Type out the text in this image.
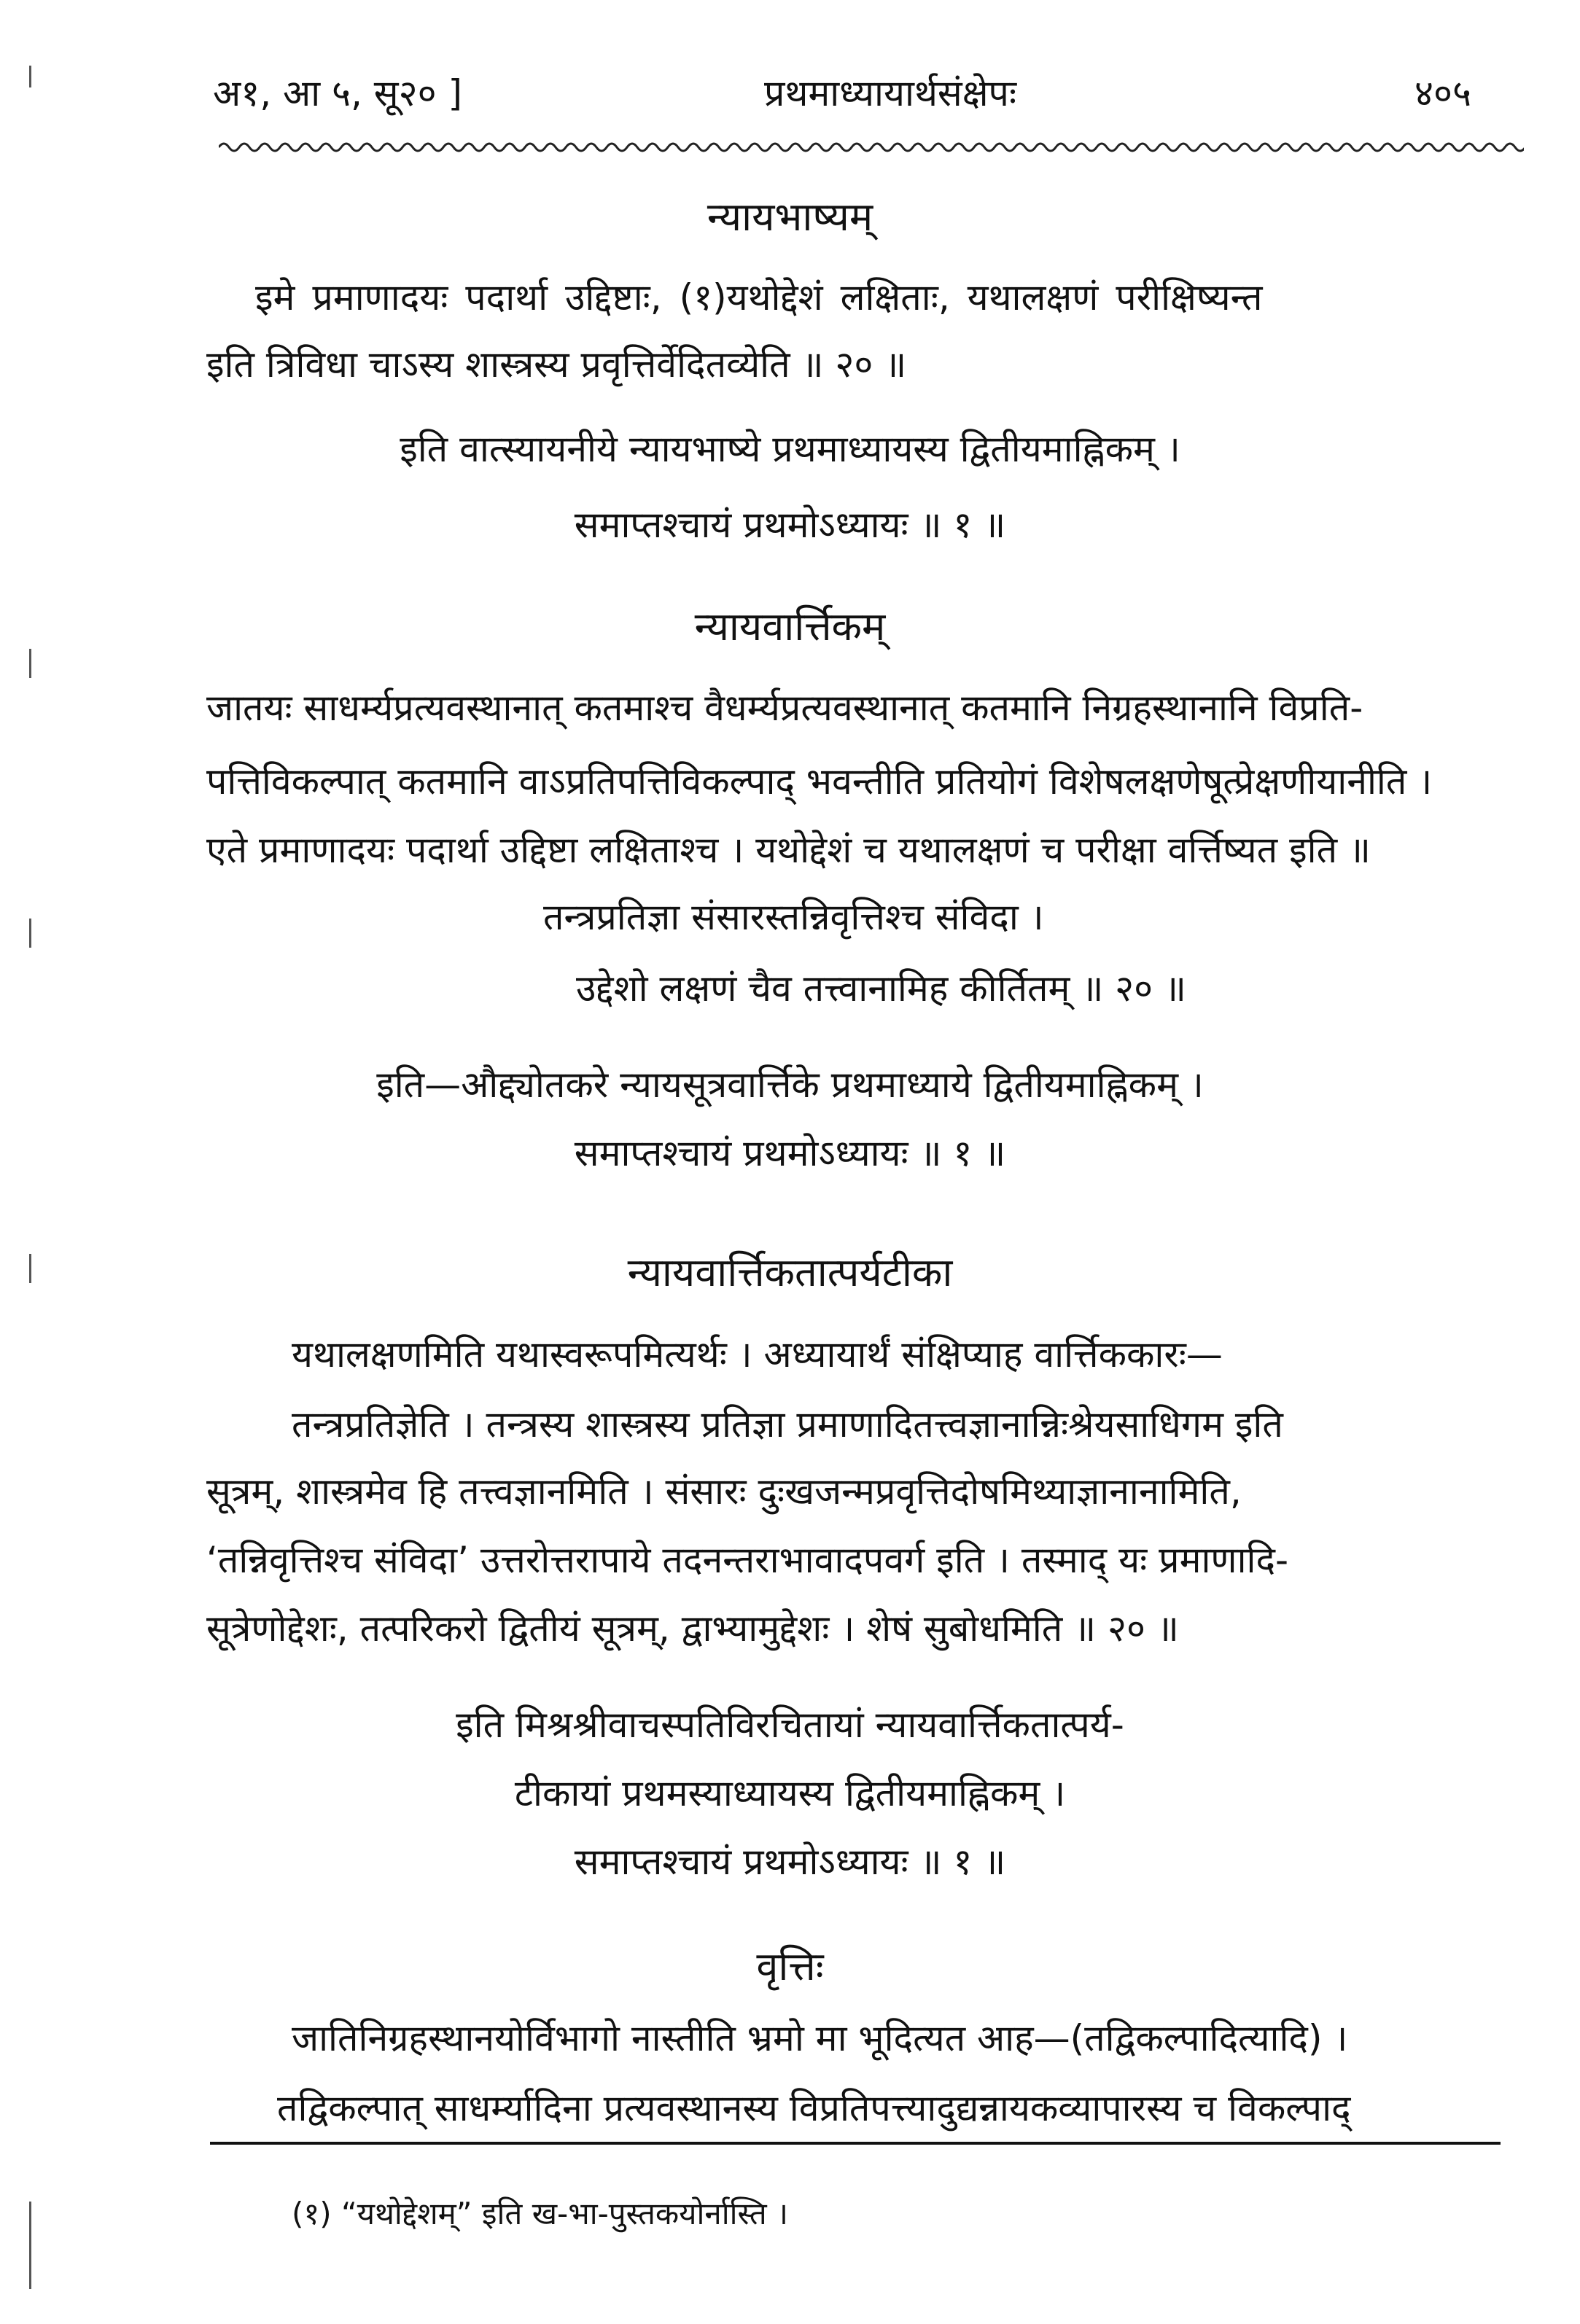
अ१, आ ५, सू२० ]	प्रथमाध्यायार्थसंक्षेपः	४०५
न्यायभाष्यम्
इमे प्रमाणादयः पदार्था उद्दिष्टाः, (१)यथोद्देशं लक्षिताः, यथालक्षणं परीक्षिष्यन्त
इति त्रिविधा चाऽस्य शास्त्रस्य प्रवृत्तिर्वेदितव्येति ॥ २० ॥
इति वात्स्यायनीये न्यायभाष्ये प्रथमाध्यायस्य द्वितीयमाह्निकम् ।
समाप्तश्चायं प्रथमोऽध्यायः ॥ १ ॥
न्यायवार्त्तिकम्
जातयः साधर्म्यप्रत्यवस्थानात् कतमाश्च वैधर्म्यप्रत्यवस्थानात् कतमानि निग्रहस्थानानि विप्रति-
पत्तिविकल्पात् कतमानि वाऽप्रतिपत्तिविकल्पाद् भवन्तीति प्रतियोगं विशेषलक्षणेषूत्प्रेक्षणीयानीति ।
एते प्रमाणादयः पदार्था उद्दिष्टा लक्षिताश्च । यथोद्देशं च यथालक्षणं च परीक्षा वर्त्तिष्यत इति ॥
तन्त्रप्रतिज्ञा संसारस्तन्निवृत्तिश्च संविदा ।
उद्देशो लक्षणं चैव तत्त्वानामिह कीर्तितम् ॥ २० ॥
इति—औद्द्योतकरे न्यायसूत्रवार्त्तिके प्रथमाध्याये द्वितीयमाह्निकम् ।
समाप्तश्चायं प्रथमोऽध्यायः ॥ १ ॥
न्यायवार्त्तिकतात्पर्यटीका
यथालक्षणमिति यथास्वरूपमित्यर्थः । अध्यायार्थं संक्षिप्याह वार्त्तिककारः—
तन्त्रप्रतिज्ञेति । तन्त्रस्य शास्त्रस्य प्रतिज्ञा प्रमाणादितत्त्वज्ञानान्निःश्रेयसाधिगम इति
सूत्रम्, शास्त्रमेव हि तत्त्वज्ञानमिति । संसारः दुःखजन्मप्रवृत्तिदोषमिथ्याज्ञानानामिति,
‘तन्निवृत्तिश्च संविदा’ उत्तरोत्तरापाये तदनन्तराभावादपवर्ग इति । तस्माद् यः प्रमाणादि-
सूत्रेणोद्देशः, तत्परिकरो द्वितीयं सूत्रम्, द्वाभ्यामुद्देशः । शेषं सुबोधमिति ॥ २० ॥
इति मिश्रश्रीवाचस्पतिविरचितायां न्यायवार्त्तिकतात्पर्य-
टीकायां प्रथमस्याध्यायस्य द्वितीयमाह्निकम् ।
समाप्तश्चायं प्रथमोऽध्यायः ॥ १ ॥
वृत्तिः
जातिनिग्रहस्थानयोर्विभागो नास्तीति भ्रमो मा भूदित्यत आह—(तद्विकल्पादित्यादि) ।
तद्विकल्पात् साधर्म्यादिना प्रत्यवस्थानस्य विप्रतिपत्त्यादुद्यन्नायकव्यापारस्य च विकल्पाद्
(१) “यथोद्देशम्” इति ख-भा-पुस्तकयोर्नास्ति ।
